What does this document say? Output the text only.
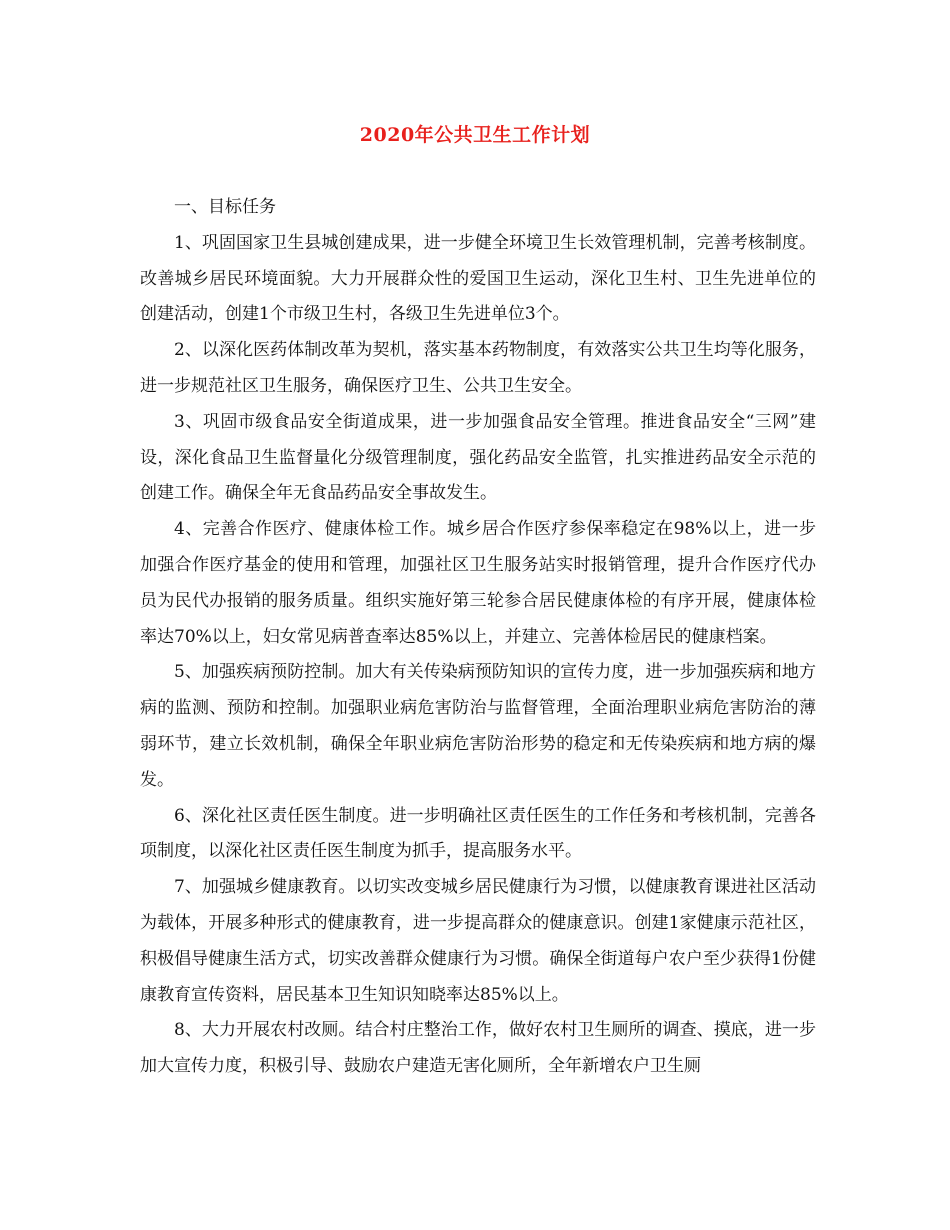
2020年公共卫生工作计划

一、目标任务

1、巩固国家卫生县城创建成果，进一步健全环境卫生长效管理机制，完善考核制度。改善城乡居民环境面貌。大力开展群众性的爱国卫生运动，深化卫生村、卫生先进单位的创建活动，创建1个市级卫生村，各级卫生先进单位3个。

2、以深化医药体制改革为契机，落实基本药物制度，有效落实公共卫生均等化服务，进一步规范社区卫生服务，确保医疗卫生、公共卫生安全。

3、巩固市级食品安全街道成果，进一步加强食品安全管理。推进食品安全“三网”建设，深化食品卫生监督量化分级管理制度，强化药品安全监管，扎实推进药品安全示范的创建工作。确保全年无食品药品安全事故发生。

4、完善合作医疗、健康体检工作。城乡居合作医疗参保率稳定在98%以上，进一步加强合作医疗基金的使用和管理，加强社区卫生服务站实时报销管理，提升合作医疗代办员为民代办报销的服务质量。组织实施好第三轮参合居民健康体检的有序开展，健康体检率达70%以上，妇女常见病普查率达85%以上，并建立、完善体检居民的健康档案。

5、加强疾病预防控制。加大有关传染病预防知识的宣传力度，进一步加强疾病和地方病的监测、预防和控制。加强职业病危害防治与监督管理，全面治理职业病危害防治的薄弱环节，建立长效机制，确保全年职业病危害防治形势的稳定和无传染疾病和地方病的爆发。

6、深化社区责任医生制度。进一步明确社区责任医生的工作任务和考核机制，完善各项制度，以深化社区责任医生制度为抓手，提高服务水平。

7、加强城乡健康教育。以切实改变城乡居民健康行为习惯，以健康教育课进社区活动为载体，开展多种形式的健康教育，进一步提高群众的健康意识。创建1家健康示范社区，积极倡导健康生活方式，切实改善群众健康行为习惯。确保全街道每户农户至少获得1份健康教育宣传资料，居民基本卫生知识知晓率达85%以上。

8、大力开展农村改厕。结合村庄整治工作，做好农村卫生厕所的调查、摸底，进一步加大宣传力度，积极引导、鼓励农户建造无害化厕所，全年新增农户卫生厕
